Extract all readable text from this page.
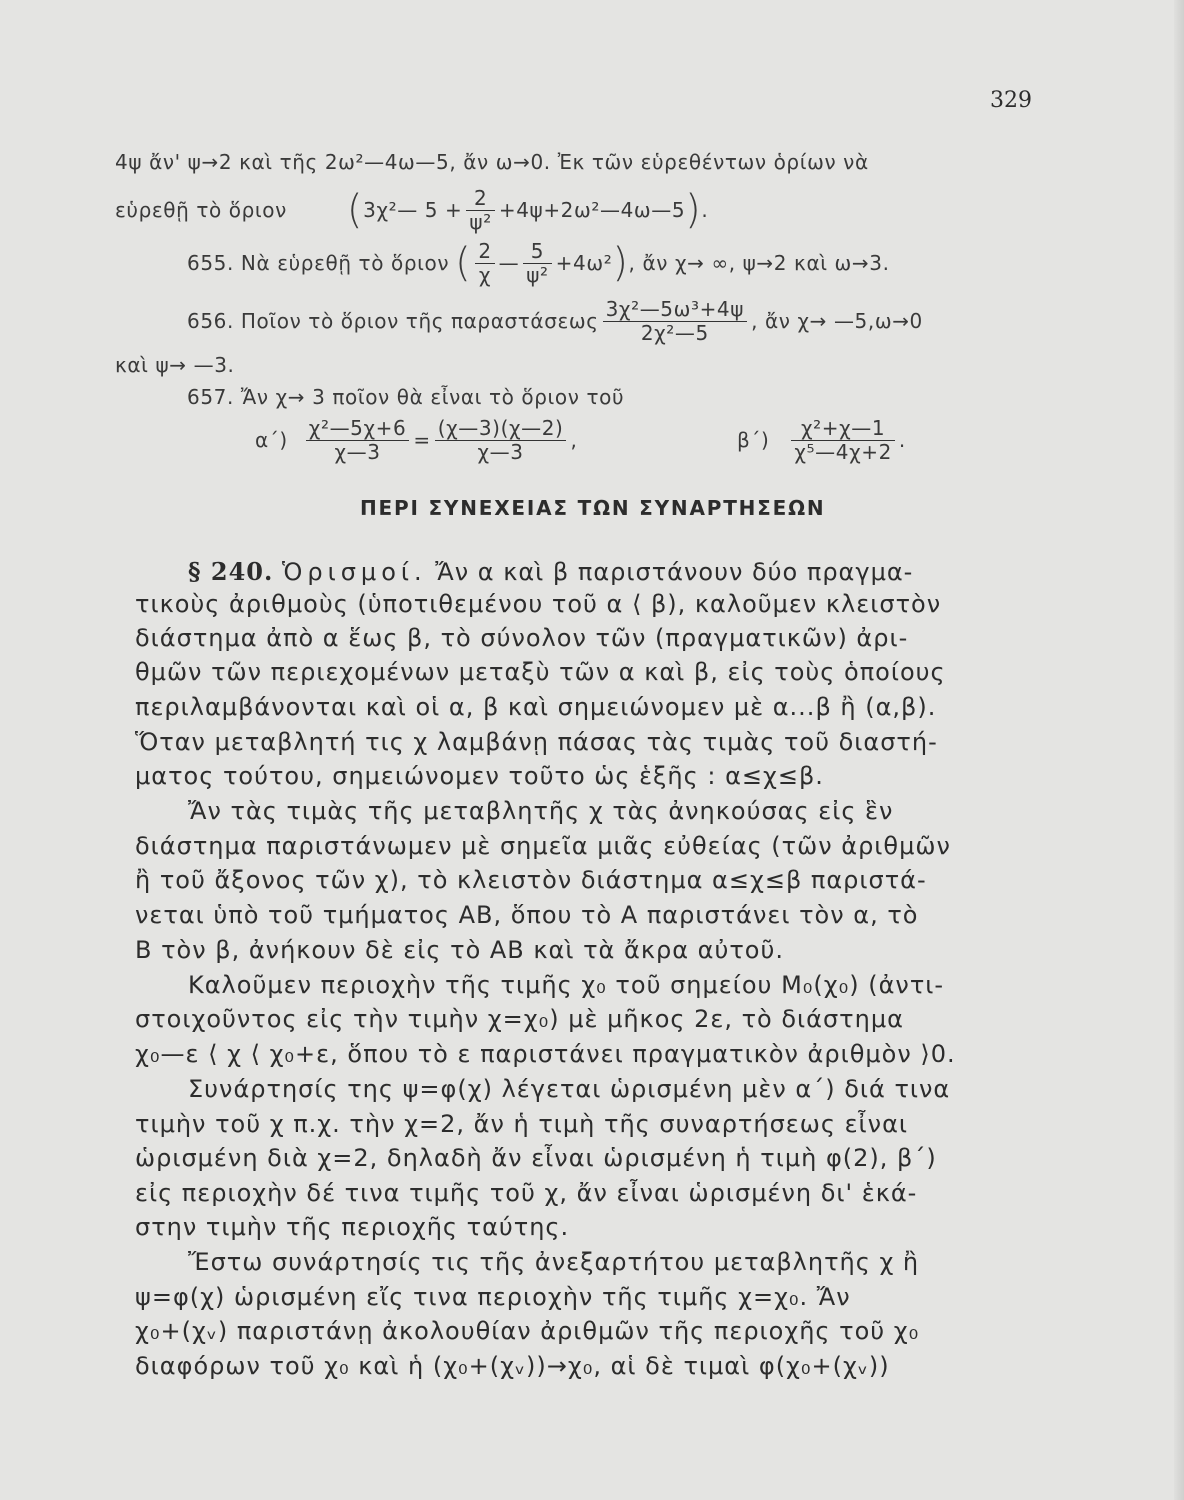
329
4ψ ἄν' ψ→2 καὶ τῆς 2ω²—4ω—5, ἄν ω→0. Ἐκ τῶν εὑρεθέντων ὁρίων νὰ
εὑρεθῇ τὸ ὅριον ( 3χ²— $5 + \frac{2}{\text{ψ²}}$ +4ψ+2ω²—4ω—5 ) .
655. Νὰ εὑρεθῇ τὸ ὅριον ( $\frac{2}{\chi}$ — $\frac{5}{\text{ψ²}} +4\omega^2$ ) , ἄν χ→ ∞, ψ→2 καὶ ω→3.
656. Ποῖον τὸ ὅριον τῆς παραστάσεως $\frac{\text{3χ²—5ω³+4ψ}}{\text{2χ²—5}}$ , ἄν χ→ —5,ω→0
καὶ ψ→ —3.
657. Ἄν χ→ 3 ποῖον θὰ εἶναι τὸ ὅριον τοῦ
$\alpha΄) \frac{\text{χ²—5χ+6}}{\chi—3} = \frac{(\chi—3)(\chi—2)}{\chi—3}$ ,	$\beta΄) \frac{\text{χ²+χ—1}}{\text{χ⁵—4χ+2}}$ .
ΠΕΡΙ ΣΥΝΕΧΕΙΑΣ ΤΩΝ ΣΥΝΑΡΤΗΣΕΩΝ
§ 240. Ὁρισμοί. Ἄν α καὶ β παριστάνουν δύο πραγμα-
τικοὺς ἀριθμοὺς (ὑποτιθεμένου τοῦ α ⟨ β), καλοῦμεν κλειστὸν
διάστημα ἀπὸ α ἕως β, τὸ σύνολον τῶν (πραγματικῶν) ἀρι-
θμῶν τῶν περιεχομένων μεταξὺ τῶν α καὶ β, εἰς τοὺς ὁποίους
περιλαμβάνονται καὶ οἱ α, β καὶ σημειώνομεν μὲ α...β ἢ (α,β).
Ὅταν μεταβλητή τις χ λαμβάνῃ πάσας τὰς τιμὰς τοῦ διαστή-
ματος τούτου, σημειώνομεν τοῦτο ὡς ἑξῆς : α≤χ≤β.
Ἄν τὰς τιμὰς τῆς μεταβλητῆς χ τὰς ἀνηκούσας εἰς ἓν
διάστημα παριστάνωμεν μὲ σημεῖα μιᾶς εὐθείας (τῶν ἀριθμῶν
ἢ τοῦ ἄξονος τῶν χ), τὸ κλειστὸν διάστημα α≤χ≤β παριστά-
νεται ὑπὸ τοῦ τμήματος ΑΒ, ὅπου τὸ Α παριστάνει τὸν α, τὸ
Β τὸν β, ἀνήκουν δὲ εἰς τὸ ΑΒ καὶ τὰ ἄκρα αὐτοῦ.
Καλοῦμεν περιοχὴν τῆς τιμῆς χ₀ τοῦ σημείου Μ₀(χ₀) (ἀντι-
στοιχοῦντος εἰς τὴν τιμὴν χ=χ₀) μὲ μῆκος 2ε, τὸ διάστημα
χ₀—ε ⟨ χ ⟨ χ₀+ε, ὅπου τὸ ε παριστάνει πραγματικὸν ἀριθμὸν ⟩0.
Συνάρτησίς της ψ=φ(χ) λέγεται ὡρισμένη μὲν α΄) διά τινα
τιμὴν τοῦ χ π.χ. τὴν χ=2, ἄν ἡ τιμὴ τῆς συναρτήσεως εἶναι
ὡρισμένη διὰ χ=2, δηλαδὴ ἄν εἶναι ὡρισμένη ἡ τιμὴ φ(2), β΄)
εἰς περιοχὴν δέ τινα τιμῆς τοῦ χ, ἄν εἶναι ὡρισμένη δι' ἑκά-
στην τιμὴν τῆς περιοχῆς ταύτης.
Ἔστω συνάρτησίς τις τῆς ἀνεξαρτήτου μεταβλητῆς χ ἢ
ψ=φ(χ) ὡρισμένη εἴς τινα περιοχὴν τῆς τιμῆς χ=χ₀. Ἄν
χ₀+(χᵥ) παριστάνῃ ἀκολουθίαν ἀριθμῶν τῆς περιοχῆς τοῦ χ₀
διαφόρων τοῦ χ₀ καὶ ἡ (χ₀+(χᵥ))→χ₀, αἱ δὲ τιμαὶ φ(χ₀+(χᵥ))
